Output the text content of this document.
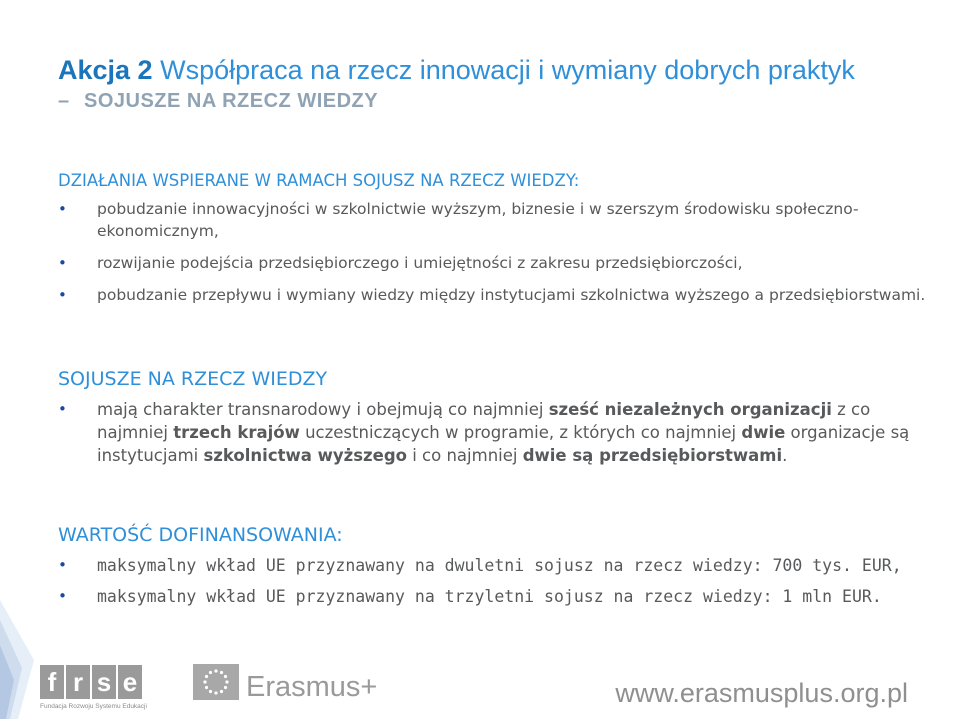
Akcja 2 Współpraca na rzecz innowacji i wymiany dobrych praktyk
– SOJUSZE NA RZECZ WIEDZY
DZIAŁANIA WSPIERANE W RAMACH SOJUSZ NA RZECZ WIEDZY:
• pobudzanie innowacyjności w szkolnictwie wyższym, biznesie i w szerszym środowisku społeczno-ekonomicznym,
• rozwijanie podejścia przedsiębiorczego i umiejętności z zakresu przedsiębiorczości,
• pobudzanie przepływu i wymiany wiedzy między instytucjami szkolnictwa wyższego a przedsiębiorstwami.
SOJUSZE NA RZECZ WIEDZY
• mają charakter transnarodowy i obejmują co najmniej sześć niezależnych organizacji z co najmniej trzech krajów uczestniczących w programie, z których co najmniej dwie organizacje są instytucjami szkolnictwa wyższego i co najmniej dwie są przedsiębiorstwami.
WARTOŚĆ DOFINANSOWANIA:
• maksymalny wkład UE przyznawany na dwuletni sojusz na rzecz wiedzy: 700 tys. EUR,
• maksymalny wkład UE przyznawany na trzyletni sojusz na rzecz wiedzy: 1 mln EUR.
f r s e
Fundacja Rozwoju Systemu Edukacji
Erasmus+	www.erasmusplus.org.pl
